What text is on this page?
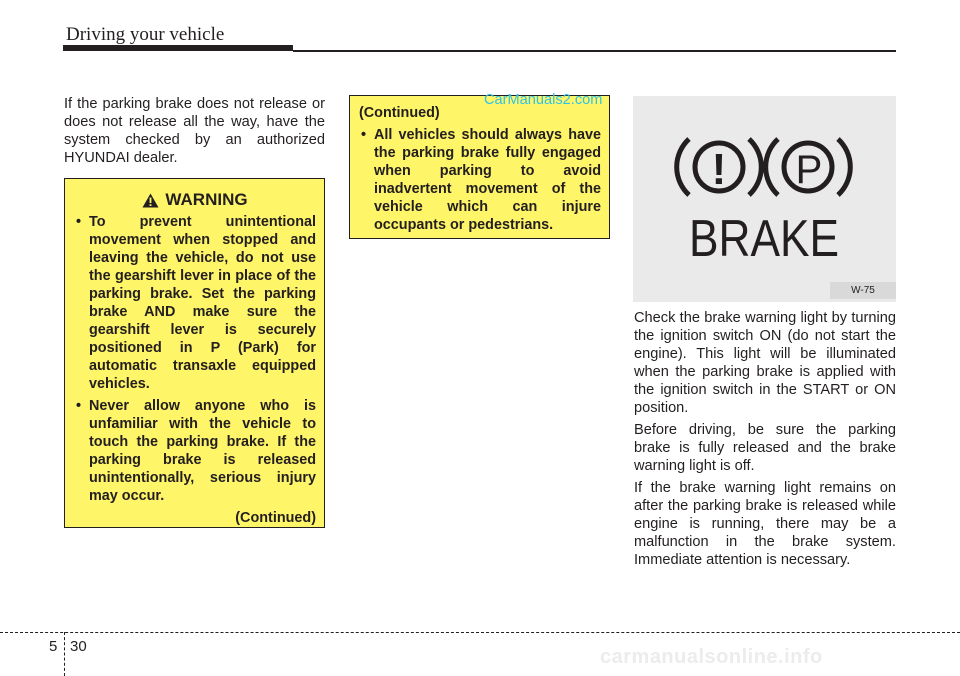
Driving your vehicle

If the parking brake does not release or does not release all the way, have the system checked by an authorized HYUNDAI dealer.

WARNING
• To prevent unintentional movement when stopped and leaving the vehicle, do not use the gearshift lever in place of the parking brake. Set the parking brake AND make sure the gearshift lever is securely positioned in P (Park) for automatic transaxle equipped vehicles.
• Never allow anyone who is unfamiliar with the vehicle to touch the parking brake. If the parking brake is released unintentionally, serious injury may occur.
(Continued)
(Continued)
• All vehicles should always have the parking brake fully engaged when parking to avoid inadvertent movement of the vehicle which can injure occupants or pedestrians.
CarManuals2.com
! P
BRAKE
W-75

Check the brake warning light by turning the ignition switch ON (do not start the engine). This light will be illuminated when the parking brake is applied with the ignition switch in the START or ON position.

Before driving, be sure the parking brake is fully released and the brake warning light is off.

If the brake warning light remains on after the parking brake is released while engine is running, there may be a malfunction in the brake system. Immediate attention is necessary.

5 30	carmanualsonline.info
